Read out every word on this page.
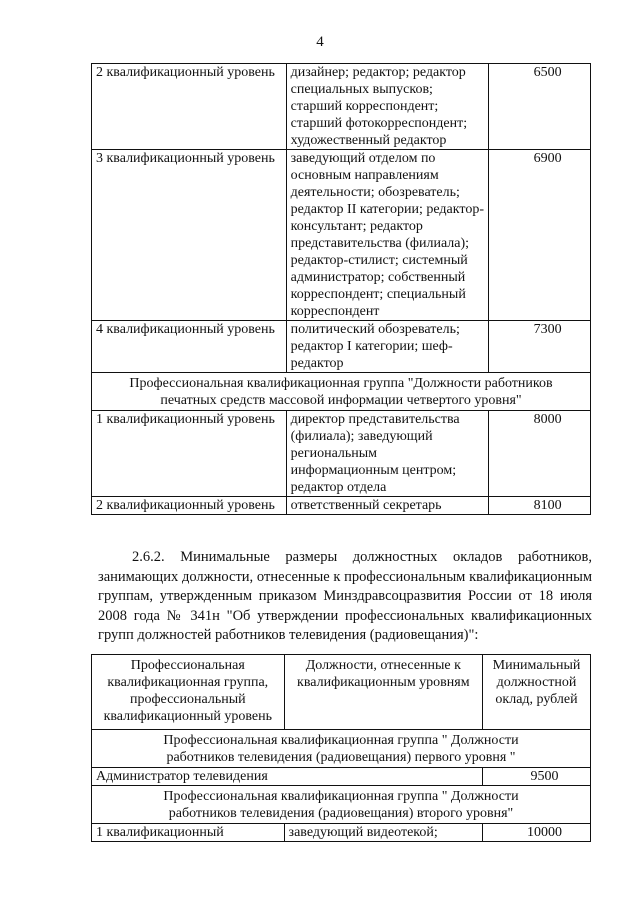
4
2 квалификационный уровень	дизайнер; редактор; редактор специальных выпусков; старший корреспондент; старший фотокорреспондент; художественный редактор	6500
3 квалификационный уровень	заведующий отделом по основным направлениям деятельности; обозреватель; редактор II категории; редактор-консультант; редактор представительства (филиала); редактор-стилист; системный администратор; собственный корреспондент; специальный корреспондент	6900
4 квалификационный уровень	политический обозреватель; редактор I категории; шеф-редактор	7300
Профессиональная квалификационная группа "Должности работников печатных средств массовой информации четвертого уровня"		
1 квалификационный уровень	директор представительства (филиала); заведующий региональным информационным центром; редактор отдела	8000
2 квалификационный уровень	ответственный секретарь	8100

2.6.2. Минимальные размеры должностных окладов работников, занимающих должности, отнесенные к профессиональным квалификационным группам, утвержденным приказом Минздравсоцразвития России от 18 июля 2008 года № 341н "Об утверждении профессиональных квалификационных групп должностей работников телевидения (радиовещания)":

Профессиональная квалификационная группа, профессиональный квалификационный уровень	Должности, отнесенные к квалификационным уровням	Минимальный должностной оклад, рублей
Профессиональная квалификационная группа " Должности работников телевидения (радиовещания) первого уровня "		
Администратор телевидения		9500
Профессиональная квалификационная группа " Должности работников телевидения (радиовещания) второго уровня"		
1 квалификационный	заведующий видеотекой;	10000
